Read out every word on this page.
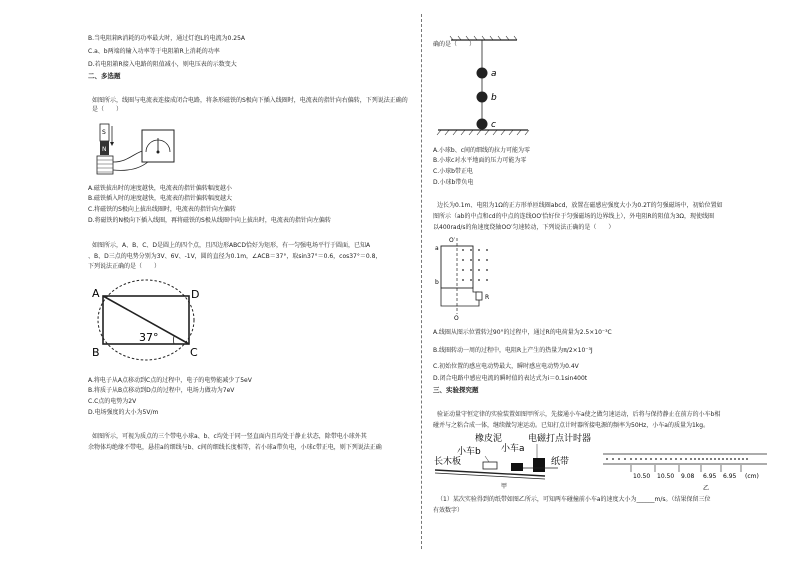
B.当电阻箱R消耗的功率最大时，通过灯泡L的电流为0.25A

C.a、b两端的输入功率等于电阻箱R上消耗的功率

D.若电阻箱R接入电路的阻值减小，则电压表的示数变大

二、多选题

如图所示，线圈与电流表连接成闭合电路，将条形磁铁的S极向下插入线圈时，电流表的指针向右偏转，下列说法正确的是（　　）

S
N

A.磁铁拔出时的速度越快，电流表的指针偏转幅度越小

B.磁铁插入时的速度越快，电流表的指针偏转幅度越大

C.将磁铁的S极向上拔出线圈时，电流表的指针向左偏转

D.将磁铁的N极向下插入线圈，再将磁铁的S极从线圈中向上拔出时，电流表的指针向左偏转

如图所示，A、B、C、D是圆上的四个点，且四边形ABCD恰好为矩形，有一匀强电场平行于圆面，已知A

、B、D三点的电势分别为3V、6V、-1V，圆的直径为0.1m，∠ACB＝37°，取sin37°＝0.6，cos37°＝0.8，

下列说法正确的是（　　）

A	D
B	C
37°

A.将电子从A点移动到C点的过程中，电子的电势能减少了5eV

B.将质子从B点移动到D点的过程中，电场力做功为7eV

C.C点的电势为2V

D.电场强度的大小为5V/m

如图所示，可视为质点的三个带电小球a、b、c均处于同一竖直面内且均处于静止状态，除带电小球外其

余物体均绝缘不带电，悬挂a的细线与b、c间的细线长度相等，若小球a带负电，小球c带正电，则下列说法正确

确的是（　　）

a
b
c

A.小球b、c间的细线的拉力可能为零

B.小球c对水平地面的压力可能为零

C.小球b带正电

D.小球b带负电

边长为0.1m、电阻为1Ω的正方形单匝线圈abcd，放置在磁感应强度大小为0.2T的匀强磁场中，初始位置如

图所示（ab的中点和cd的中点的连线OO′恰好位于匀强磁场的边界线上），外电阻R的阻值为3Ω，现使线圈

以400rad/s的角速度绕轴OO′匀速转动，下列说法正确的是（　　）

O′
O
a
b
R

A.线圈从图示位置转过90°的过程中，通过R的电荷量为2.5×10⁻³C

B.线圈转动一周的过程中，电阻R上产生的热量为π/2×10⁻³J

C.初始位置的感应电动势最大，瞬时感应电动势为0.4V

D.闭合电路中感应电流的瞬时值的表达式为i＝0.1sin400t

三、实验探究题

验证动量守恒定律的实验装置如图甲所示，先接通小车a使之做匀速运动，后将与保持静止在前方的小车b相

碰并与之粘合成一体，继续做匀速运动。已知打点计时器所接电源的频率为50Hz，小车a的质量为1kg。

橡皮泥	电磁打点计时器
小车b 小车a
长木板	纸带
甲
10.50 10.50 9.08 6.95 6.95 (cm)
乙

（1）某次实验得到的纸带如图乙所示，可知两车碰撞前小车a的速度大小为______m/s。（结果保留三位

有效数字）
